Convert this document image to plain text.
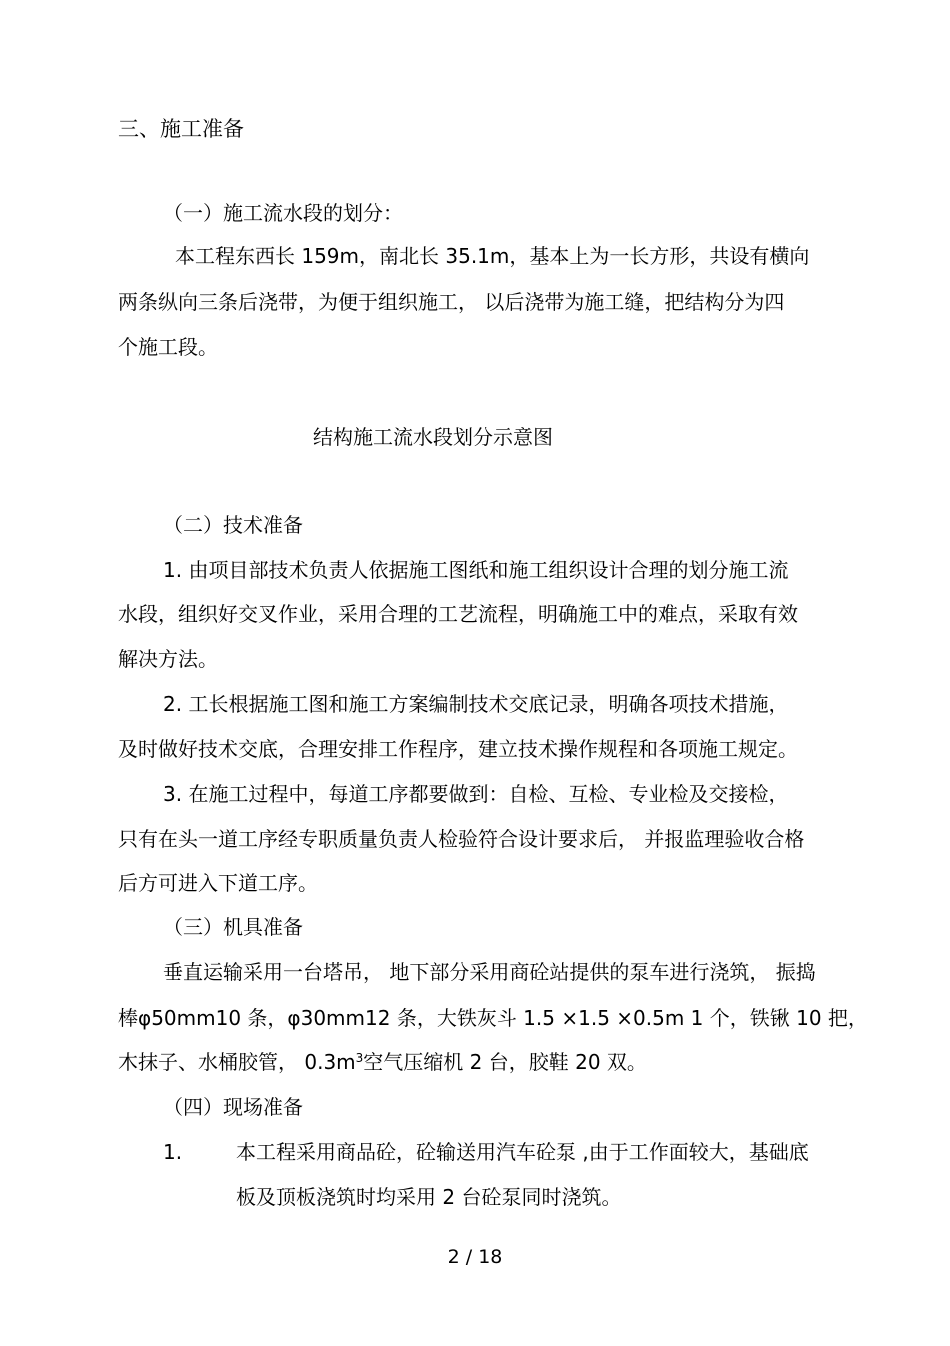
三、施工准备
（一）施工流水段的划分：
本工程东西长 159m，南北长 35.1m，基本上为一长方形，共设有横向
两条纵向三条后浇带，为便于组织施工， 以后浇带为施工缝，把结构分为四
个施工段。
结构施工流水段划分示意图
（二）技术准备
1. 由项目部技术负责人依据施工图纸和施工组织设计合理的划分施工流
水段，组织好交叉作业，采用合理的工艺流程，明确施工中的难点，采取有效
解决方法。
2. 工长根据施工图和施工方案编制技术交底记录，明确各项技术措施，
及时做好技术交底，合理安排工作程序，建立技术操作规程和各项施工规定。
3. 在施工过程中，每道工序都要做到：自检、互检、专业检及交接检，
只有在头一道工序经专职质量负责人检验符合设计要求后， 并报监理验收合格
后方可进入下道工序。
（三）机具准备
垂直运输采用一台塔吊， 地下部分采用商砼站提供的泵车进行浇筑， 振捣
棒φ50mm10 条，φ30mm12 条，大铁灰斗 1.5 ×1.5 ×0.5m 1 个，铁锹 10 把，
木抹子、水桶胶管， $0.3m^3$空气压缩机 2 台，胶鞋 20 双。
（四）现场准备
1.	本工程采用商品砼，砼输送用汽车砼泵 ,由于工作面较大，基础底
板及顶板浇筑时均采用 2 台砼泵同时浇筑。
2 / 18
